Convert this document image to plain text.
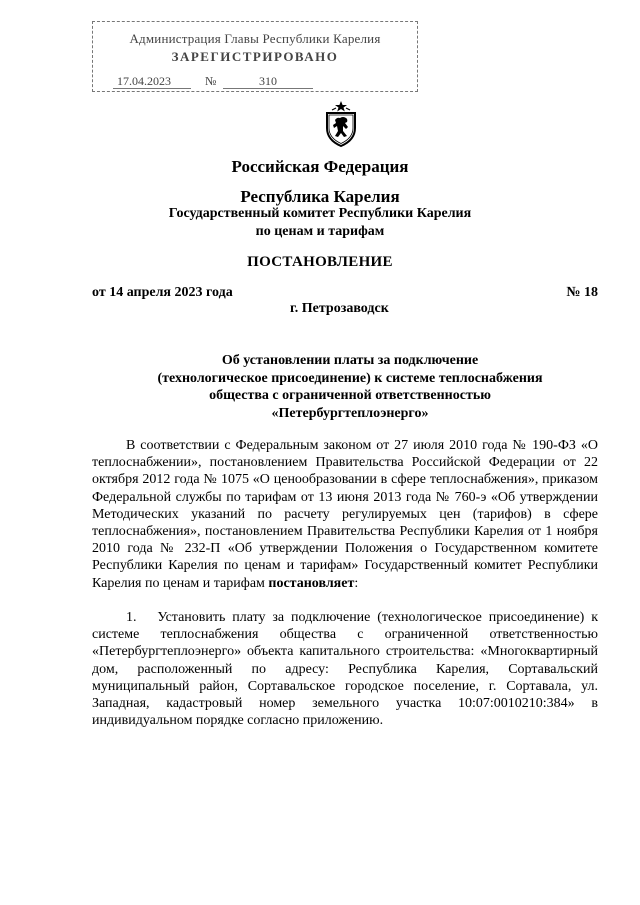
Администрация Главы Республики Карелия
ЗАРЕГИСТРИРОВАНО
17.04.2023	№	310
Российская Федерация
Республика Карелия
Государственный комитет Республики Карелия
по ценам и тарифам
ПОСТАНОВЛЕНИЕ
от 14 апреля 2023 года	№ 18
г. Петрозаводск
Об установлении платы за подключение
(технологическое присоединение) к системе теплоснабжения
общества с ограниченной ответственностью
«Петербургтеплоэнерго»
В соответствии с Федеральным законом от 27 июля 2010 года № 190-ФЗ «О теплоснабжении», постановлением Правительства Российской Федерации от 22 октября 2012 года № 1075 «О ценообразовании в сфере теплоснабжения», приказом Федеральной службы по тарифам от 13 июня 2013 года № 760-э «Об утверждении Методических указаний по расчету регулируемых цен (тарифов) в сфере теплоснабжения», постановлением Правительства Республики Карелия от 1 ноября 2010 года № 232-П «Об утверждении Положения о Государственном комитете Республики Карелия по ценам и тарифам» Государственный комитет Республики Карелия по ценам и тарифам постановляет:
1.  Установить плату за подключение (технологическое присоединение) к системе теплоснабжения общества с ограниченной ответственностью «Петербургтеплоэнерго» объекта капитального строительства: «Многоквартирный дом, расположенный по адресу: Республика Карелия, Сортавальский муниципальный район, Сортавальское городское поселение, г. Сортавала, ул. Западная, кадастровый номер земельного участка 10:07:0010210:384» в индивидуальном порядке согласно приложению.
